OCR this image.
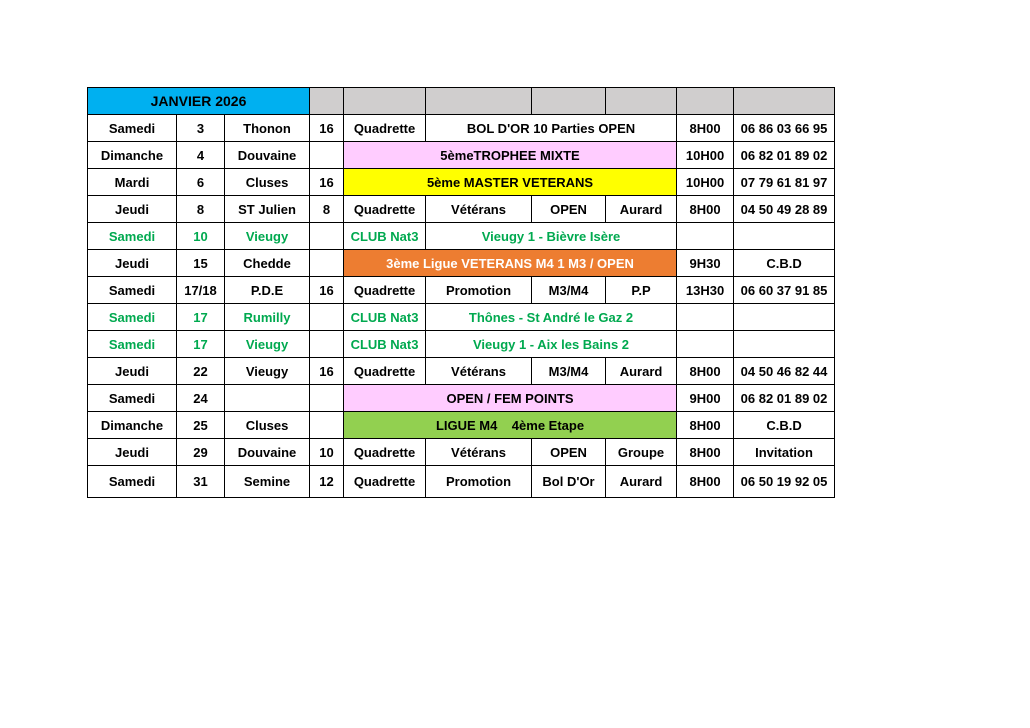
JANVIER 2026									
Samedi	3	Thonon	16	Quadrette	BOL D'OR 10 Parties OPEN			8H00	06 86 03 66 95
Dimanche	4	Douvaine		5èmeTROPHEE MIXTE				10H00	06 82 01 89 02
Mardi	6	Cluses	16	5ème MASTER VETERANS				10H00	07 79 61 81 97
Jeudi	8	ST Julien	8	Quadrette	Vétérans	OPEN	Aurard	8H00	04 50 49 28 89
Samedi	10	Vieugy		CLUB Nat3	Vieugy 1 - Bièvre Isère				
Jeudi	15	Chedde		3ème Ligue VETERANS M4 1 M3 / OPEN				9H30	C.B.D
Samedi	17/18	P.D.E	16	Quadrette	Promotion	M3/M4	P.P	13H30	06 60 37 91 85
Samedi	17	Rumilly		CLUB Nat3	Thônes - St André le Gaz 2				
Samedi	17	Vieugy		CLUB Nat3	Vieugy 1 - Aix les Bains 2				
Jeudi	22	Vieugy	16	Quadrette	Vétérans	M3/M4	Aurard	8H00	04 50 46 82 44
Samedi	24			OPEN / FEM POINTS				9H00	06 82 01 89 02
Dimanche	25	Cluses		LIGUE M4    4ème Etape				8H00	C.B.D
Jeudi	29	Douvaine	10	Quadrette	Vétérans	OPEN	Groupe	8H00	Invitation
Samedi	31	Semine	12	Quadrette	Promotion	Bol D'Or	Aurard	8H00	06 50 19 92 05
